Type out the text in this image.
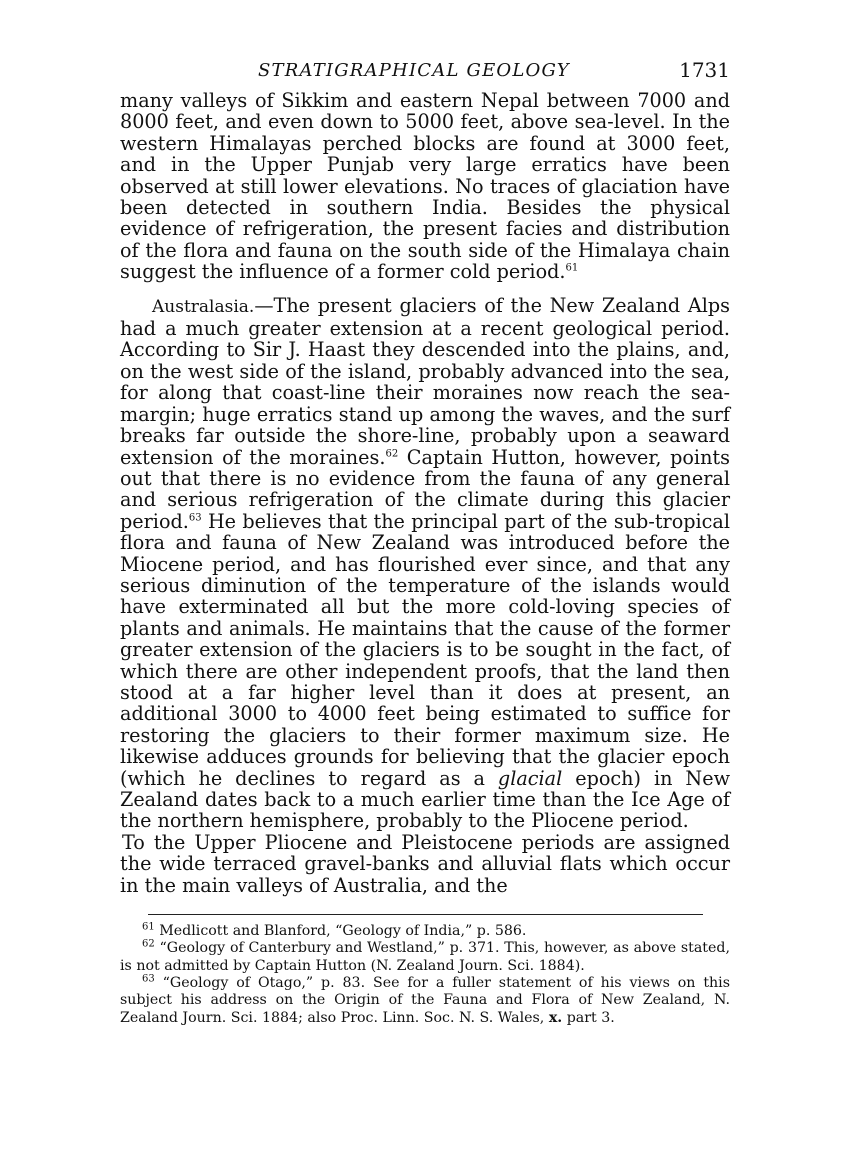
STRATIGRAPHICAL GEOLOGY	1731

many valleys of Sikkim and eastern Nepal between 7000 and 8000 feet, and even down to 5000 feet, above sea-level. In the western Himalayas perched blocks are found at 3000 feet, and in the Upper Punjab very large erratics have been observed at still lower elevations. No traces of glaciation have been detected in southern India. Besides the physical evidence of refrigeration, the present facies and distribution of the flora and fauna on the south side of the Himalaya chain suggest the influence of a former cold period.$^{61}$

Australasia.—The present glaciers of the New Zealand Alps had a much greater extension at a recent geological period. According to Sir J. Haast they descended into the plains, and, on the west side of the island, probably advanced into the sea, for along that coast-line their moraines now reach the sea-margin; huge erratics stand up among the waves, and the surf breaks far outside the shore-line, probably upon a seaward extension of the moraines.$^{62}$ Captain Hutton, however, points out that there is no evidence from the fauna of any general and serious refrigeration of the climate during this glacier period.$^{63}$ He believes that the principal part of the sub-tropical flora and fauna of New Zealand was introduced before the Miocene period, and has flourished ever since, and that any serious diminution of the temperature of the islands would have exterminated all but the more cold-loving species of plants and animals. He maintains that the cause of the former greater extension of the glaciers is to be sought in the fact, of which there are other independent proofs, that the land then stood at a far higher level than it does at present, an additional 3000 to 4000 feet being estimated to suffice for restoring the glaciers to their former maximum size. He likewise adduces grounds for believing that the glacier epoch (which he declines to regard as a glacial epoch) in New Zealand dates back to a much earlier time than the Ice Age of the northern hemisphere, probably to the Pliocene period.

To the Upper Pliocene and Pleistocene periods are assigned the wide terraced gravel-banks and alluvial flats which occur in the main valleys of Australia, and the

$^{61}$ Medlicott and Blanford, “Geology of India,” p. 586.

$^{62}$ “Geology of Canterbury and Westland,” p. 371. This, however, as above stated, is not admitted by Captain Hutton (N. Zealand Journ. Sci. 1884).

$^{63}$ “Geology of Otago,” p. 83. See for a fuller statement of his views on this subject his address on the Origin of the Fauna and Flora of New Zealand, N. Zealand Journ. Sci. 1884; also Proc. Linn. Soc. N. S. Wales, x. part 3.
